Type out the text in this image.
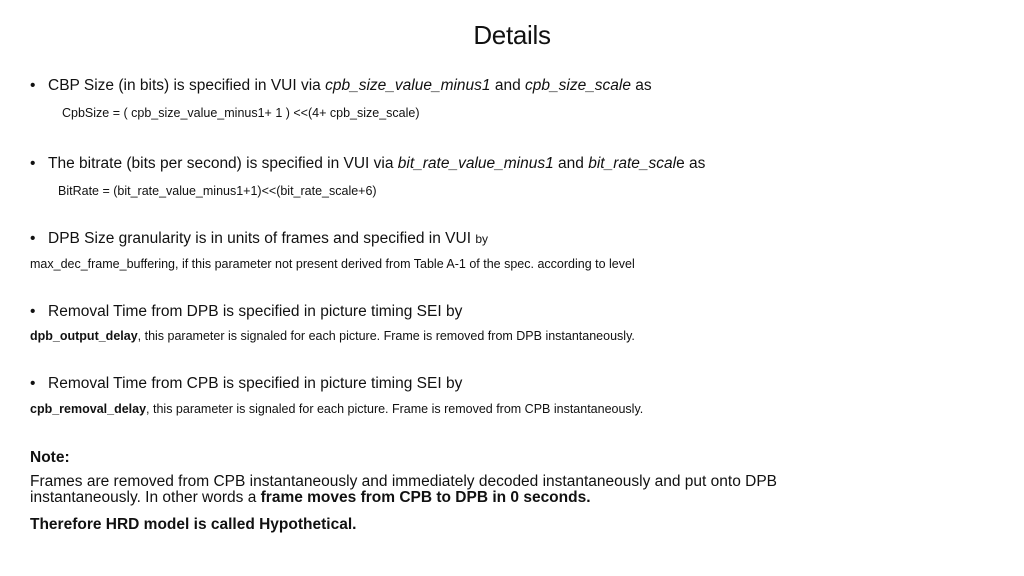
Details
• CBP Size (in bits) is specified in VUI via cpb_size_value_minus1 and cpb_size_scale as
CpbSize = ( cpb_size_value_minus1+ 1 ) <<(4+ cpb_size_scale)
• The bitrate (bits per second) is specified in VUI via bit_rate_value_minus1 and bit_rate_scale as
BitRate = (bit_rate_value_minus1+1)<<(bit_rate_scale+6)
• DPB Size granularity is in units of frames and specified in VUI by
max_dec_frame_buffering, if this parameter not present derived from Table A-1 of the spec. according to level
• Removal Time from DPB is specified in picture timing SEI by
dpb_output_delay, this parameter is signaled for each picture. Frame is removed from DPB instantaneously.
• Removal Time from CPB is specified in picture timing SEI by
cpb_removal_delay, this parameter is signaled for each picture. Frame is removed from CPB instantaneously.
Note:
Frames are removed from CPB instantaneously and immediately decoded instantaneously and put onto DPB instantaneously. In other words a frame moves from CPB to DPB in 0 seconds.
Therefore HRD model is called Hypothetical.
